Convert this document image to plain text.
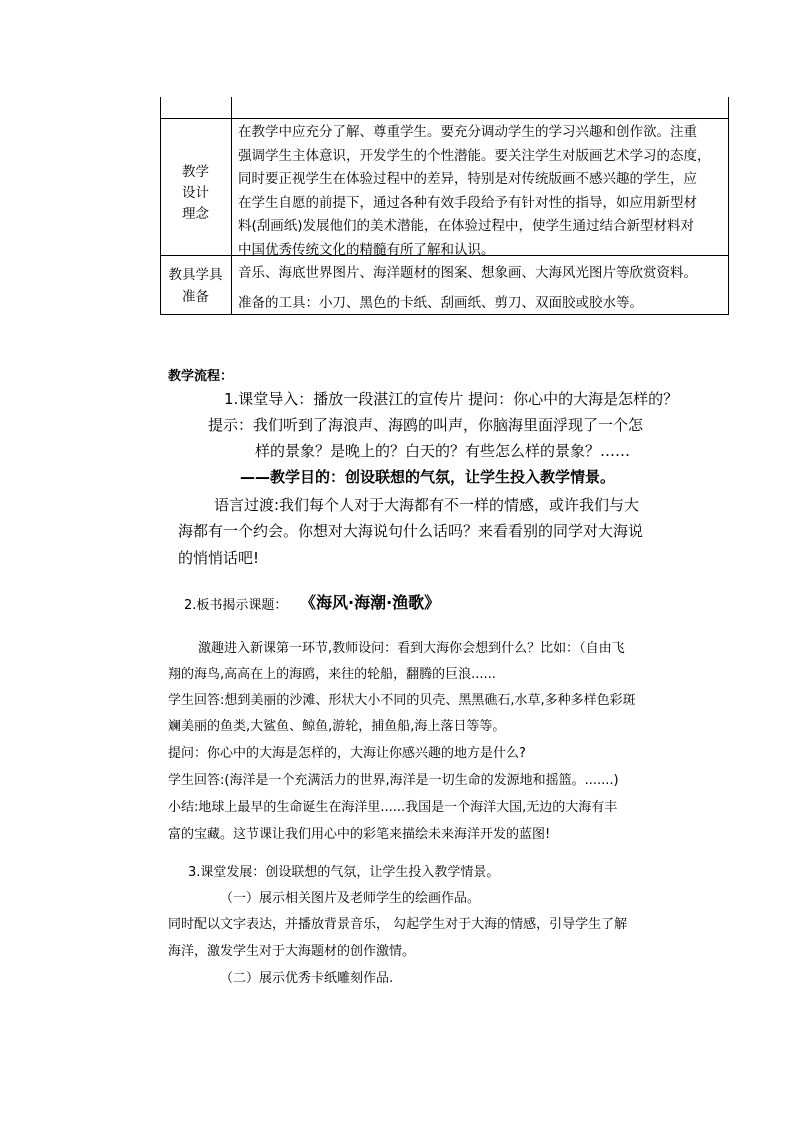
教学
设计
理念
在教学中应充分了解、尊重学生。要充分调动学生的学习兴趣和创作欲。注重
强调学生主体意识，开发学生的个性潜能。要关注学生对版画艺术学习的态度，
同时要正视学生在体验过程中的差异，特别是对传统版画不感兴趣的学生，应
在学生自愿的前提下，通过各种有效手段给予有针对性的指导，如应用新型材
料(刮画纸)发展他们的美术潜能，在体验过程中，使学生通过结合新型材料对
中国优秀传统文化的精髓有所了解和认识。
教具学具
准备
音乐、海底世界图片、海洋题材的图案、想象画、大海风光图片等欣赏资料。
准备的工具：小刀、黑色的卡纸、刮画纸、剪刀、双面胶或胶水等。
教学流程：
1.课堂导入：播放一段湛江的宣传片 提问：你心中的大海是怎样的？
提示：我们听到了海浪声、海鸥的叫声，你脑海里面浮现了一个怎
样的景象？是晚上的？白天的？有些怎么样的景象？……
——教学目的：创设联想的气氛，让学生投入教学情景。
语言过渡:我们每个人对于大海都有不一样的情感，或许我们与大
海都有一个约会。你想对大海说句什么话吗？来看看别的同学对大海说
的悄悄话吧!
2.板书揭示课题： 《海风·海潮·渔歌》
激趣进入新课第一环节,教师设问：看到大海你会想到什么？比如：（自由飞
翔的海鸟,高高在上的海鸥，来往的轮船，翻腾的巨浪......
学生回答:想到美丽的沙滩、形状大小不同的贝壳、黑黑礁石,水草,多种多样色彩斑
斓美丽的鱼类,大鲨鱼、鲸鱼,游轮，捕鱼船,海上落日等等。
提问：你心中的大海是怎样的，大海让你感兴趣的地方是什么?
学生回答:(海洋是一个充满活力的世界,海洋是一切生命的发源地和摇篮。.......)
小结:地球上最早的生命诞生在海洋里......我国是一个海洋大国,无边的大海有丰
富的宝藏。这节课让我们用心中的彩笔来描绘未来海洋开发的蓝图!
3.课堂发展：创设联想的气氛，让学生投入教学情景。
（一）展示相关图片及老师学生的绘画作品。
同时配以文字表达，并播放背景音乐， 勾起学生对于大海的情感，引导学生了解
海洋，激发学生对于大海题材的创作激情。
（二）展示优秀卡纸雕刻作品.
